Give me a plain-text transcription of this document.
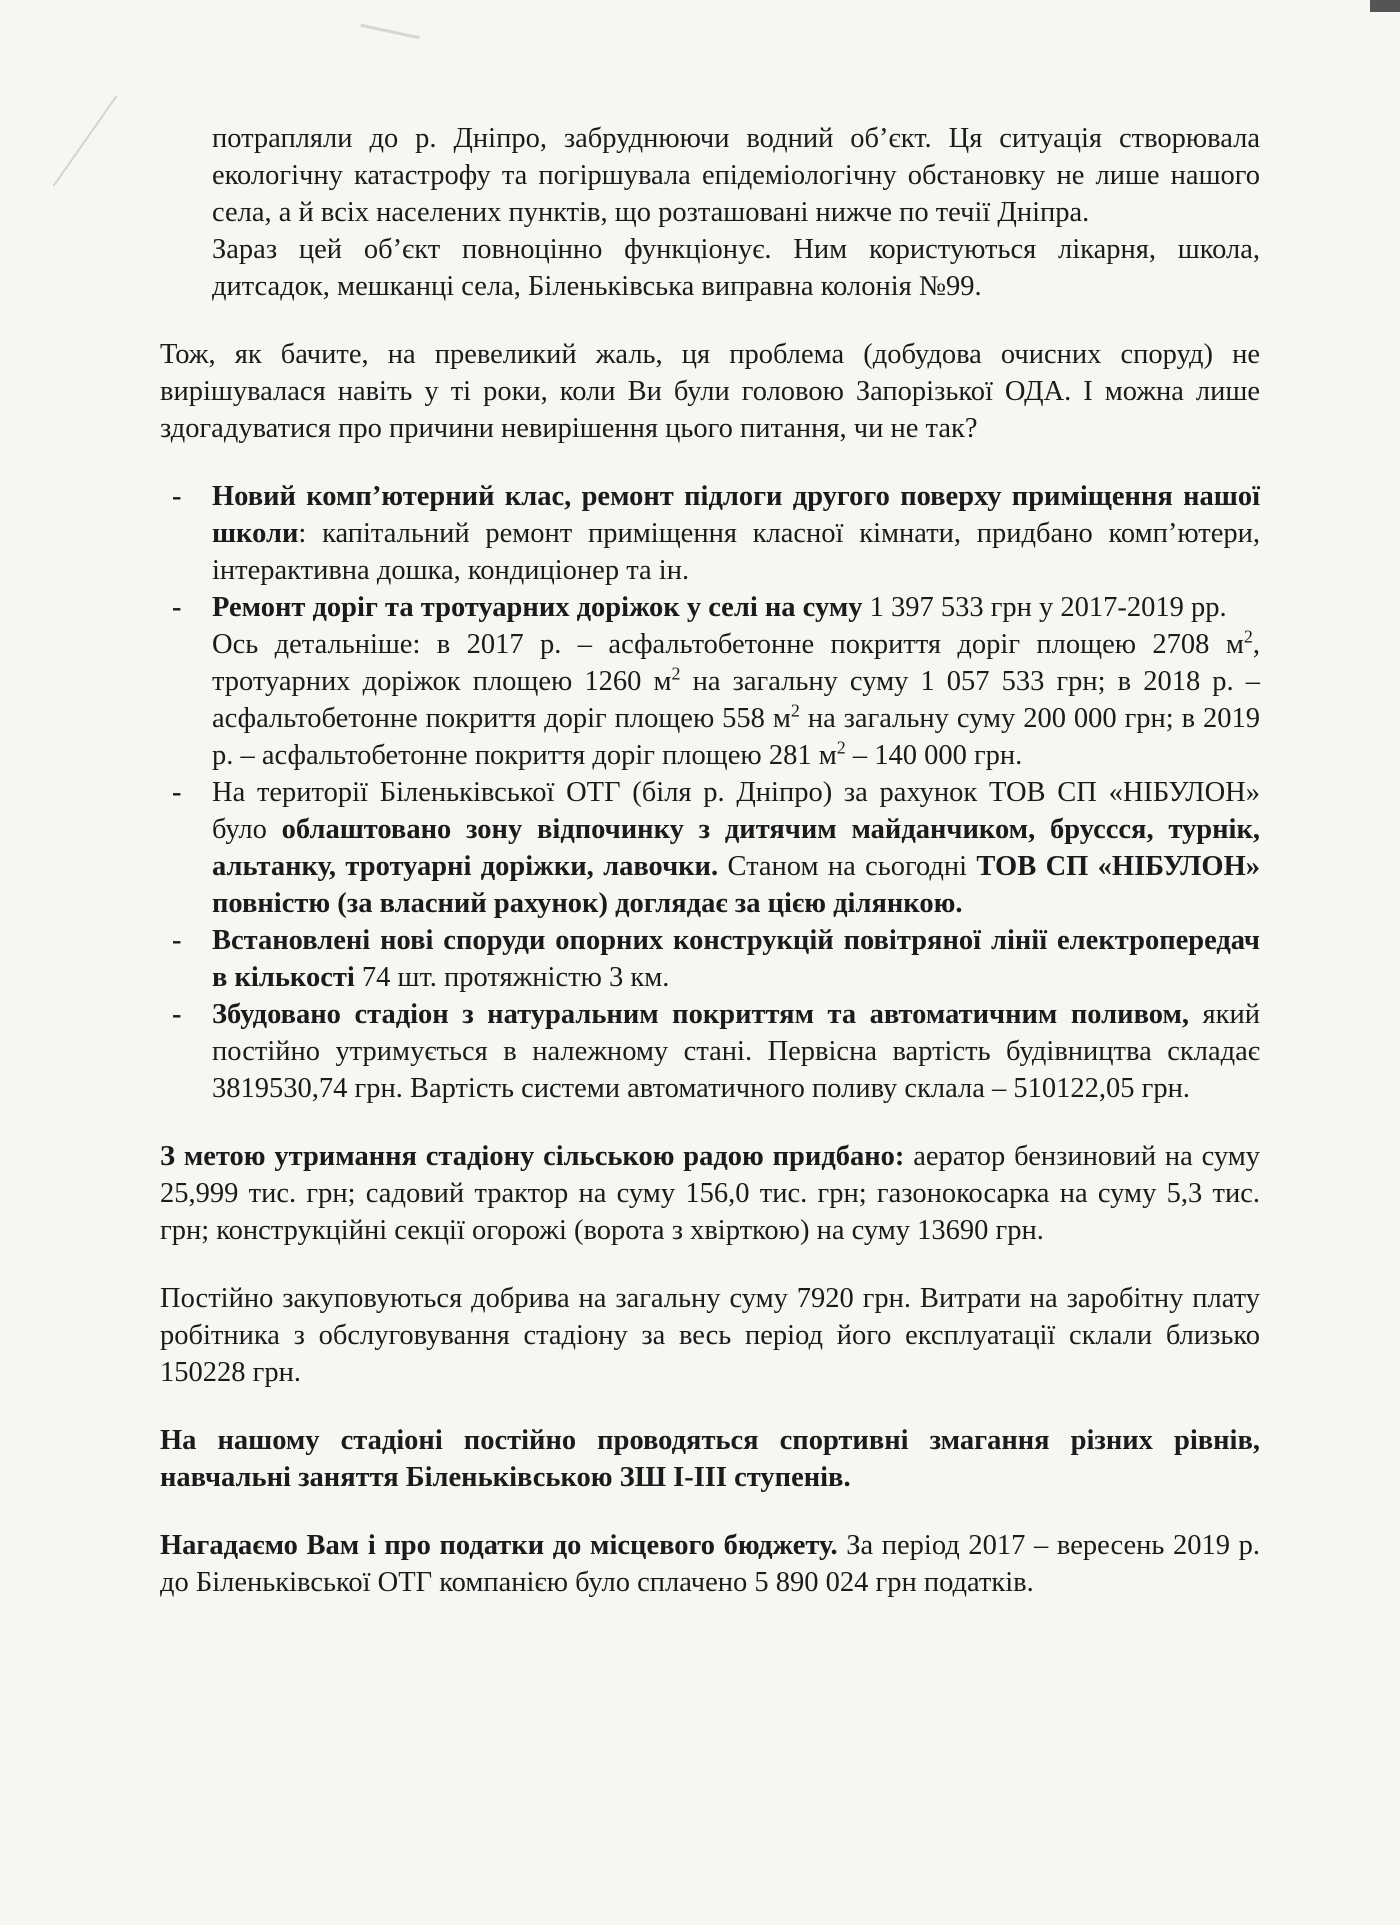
потрапляли до р. Дніпро, забруднюючи водний об’єкт. Ця ситуація створювала екологічну катастрофу та погіршувала епідеміологічну обстановку не лише нашого села, а й всіх населених пунктів, що розташовані нижче по течії Дніпра.

Зараз цей об’єкт повноцінно функціонує. Ним користуються лікарня, школа, дитсадок, мешканці села, Біленьківська виправна колонія №99.

Тож, як бачите, на превеликий жаль, ця проблема (добудова очисних споруд) не вирішувалася навіть у ті роки, коли Ви були головою Запорізької ОДА. І можна лише здогадуватися про причини невирішення цього питання, чи не так?

- Новий комп’ютерний клас, ремонт підлоги другого поверху приміщення нашої школи: капітальний ремонт приміщення класної кімнати, придбано комп’ютери, інтерактивна дошка, кондиціонер та ін.

- Ремонт доріг та тротуарних доріжок у селі на суму 1 397 533 грн у 2017-2019 рр.

Ось детальніше: в 2017 р. – асфальтобетонне покриття доріг площею 2708 $м^2$, тротуарних доріжок площею 1260 $м^2$ на загальну суму 1 057 533 грн; в 2018 р. – асфальтобетонне покриття доріг площею 558 $м^2$ на загальну суму 200 000 грн; в 2019 р. – асфальтобетонне покриття доріг площею 281 $м^2 - 140$ 000 грн.

- На території Біленьківської ОТГ (біля р. Дніпро) за рахунок ТОВ СП «НІБУЛОН» було облаштовано зону відпочинку з дитячим майданчиком, бруссся, турнік, альтанку, тротуарні доріжки, лавочки. Станом на сьогодні ТОВ СП «НІБУЛОН» повністю (за власний рахунок) доглядає за цією ділянкою.

- Встановлені нові споруди опорних конструкцій повітряної лінії електропередач в кількості 74 шт. протяжністю 3 км.

- Збудовано стадіон з натуральним покриттям та автоматичним поливом, який постійно утримується в належному стані. Первісна вартість будівництва складає 3819530,74 грн. Вартість системи автоматичного поливу склала – 510122,05 грн.

З метою утримання стадіону сільською радою придбано: аератор бензиновий на суму 25,999 тис. грн; садовий трактор на суму 156,0 тис. грн; газонокосарка на суму 5,3 тис. грн; конструкційні секції огорожі (ворота з хвірткою) на суму 13690 грн.

Постійно закуповуються добрива на загальну суму 7920 грн. Витрати на заробітну плату робітника з обслуговування стадіону за весь період його експлуатації склали близько 150228 грн.

На нашому стадіоні постійно проводяться спортивні змагання різних рівнів, навчальні заняття Біленьківською ЗШ І-ІІІ ступенів.

Нагадаємо Вам і про податки до місцевого бюджету. За період 2017 – вересень 2019 р. до Біленьківської ОТГ компанією було сплачено 5 890 024 грн податків.
